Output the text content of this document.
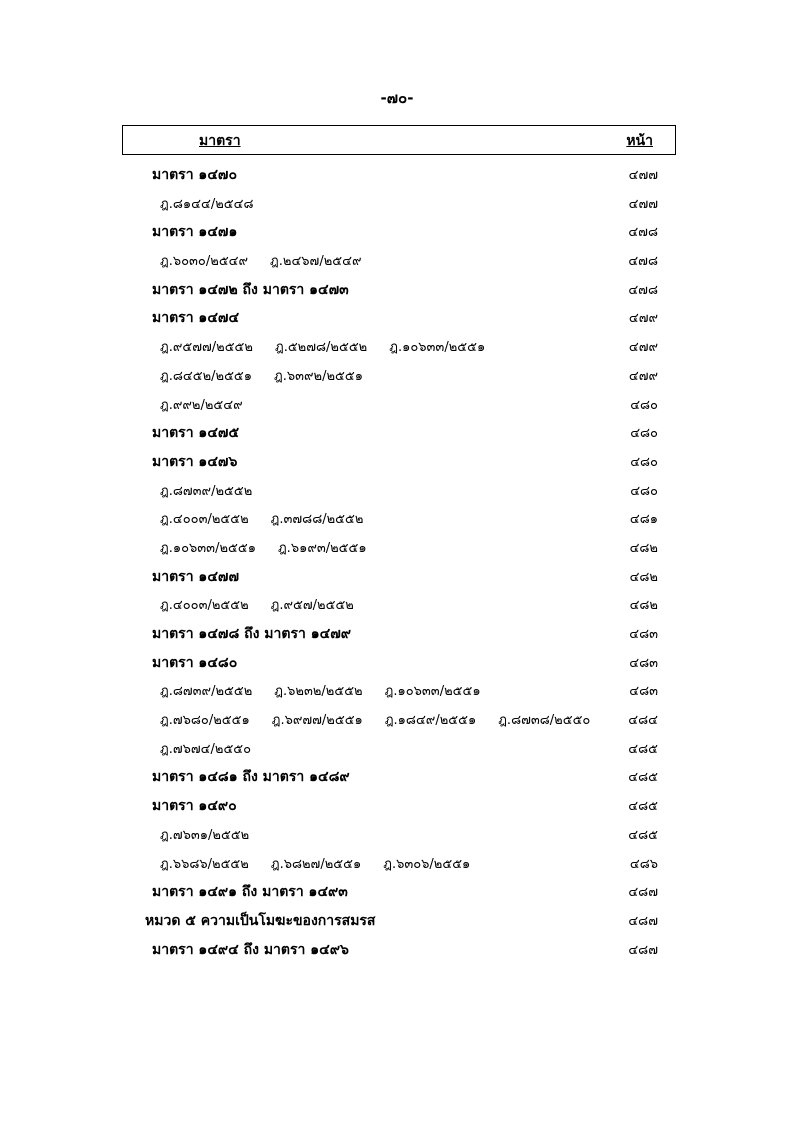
-๗๐-
มาตรา	หน้า
มาตรา ๑๔๗๐	๔๗๗
ฎ.๘๑๔๔/๒๕๔๘	๔๗๗
มาตรา ๑๔๗๑	๔๗๘
ฎ.๖๐๓๐/๒๕๔๙ ฎ.๒๔๖๗/๒๕๔๙	๔๗๘
มาตรา ๑๔๗๒ ถึง มาตรา ๑๔๗๓	๔๗๘
มาตรา ๑๔๗๔	๔๗๙
ฎ.๙๕๗๗/๒๕๕๒ ฎ.๕๒๗๘/๒๕๕๒ ฎ.๑๐๖๓๓/๒๕๕๑	๔๗๙
ฎ.๘๔๕๒/๒๕๕๑ ฎ.๖๓๙๒/๒๕๕๑	๔๗๙
ฎ.๙๙๒/๒๕๔๙	๔๘๐
มาตรา ๑๔๗๕	๔๘๐
มาตรา ๑๔๗๖	๔๘๐
ฎ.๘๗๓๙/๒๕๕๒	๔๘๐
ฎ.๔๐๐๓/๒๕๕๒ ฎ.๓๗๘๘/๒๕๕๒	๔๘๑
ฎ.๑๐๖๓๓/๒๕๕๑ ฎ.๖๑๙๓/๒๕๕๑	๔๘๒
มาตรา ๑๔๗๗	๔๘๒
ฎ.๔๐๐๓/๒๕๕๒ ฎ.๙๕๗/๒๕๕๒	๔๘๒
มาตรา ๑๔๗๘ ถึง มาตรา ๑๔๗๙	๔๘๓
มาตรา ๑๔๘๐	๔๘๓
ฎ.๘๗๓๙/๒๕๕๒ ฎ.๖๒๓๒/๒๕๕๒ ฎ.๑๐๖๓๓/๒๕๕๑	๔๘๓
ฎ.๗๖๘๐/๒๕๕๑ ฎ.๖๙๗๗/๒๕๕๑ ฎ.๑๘๔๙/๒๕๕๑ ฎ.๘๗๓๘/๒๕๕๐	๔๘๔
ฎ.๗๖๗๔/๒๕๕๐	๔๘๕
มาตรา ๑๔๘๑ ถึง มาตรา ๑๔๘๙	๔๘๕
มาตรา ๑๔๙๐	๔๘๕
ฎ.๗๖๓๑/๒๕๕๒	๔๘๕
ฎ.๖๖๘๖/๒๕๕๒ ฎ.๖๘๒๗/๒๕๕๑ ฎ.๖๓๐๖/๒๕๕๑	๔๘๖
มาตรา ๑๔๙๑ ถึง มาตรา ๑๔๙๓	๔๘๗
หมวด ๕ ความเป็นโมฆะของการสมรส	๔๘๗
มาตรา ๑๔๙๔ ถึง มาตรา ๑๔๙๖	๔๘๗
